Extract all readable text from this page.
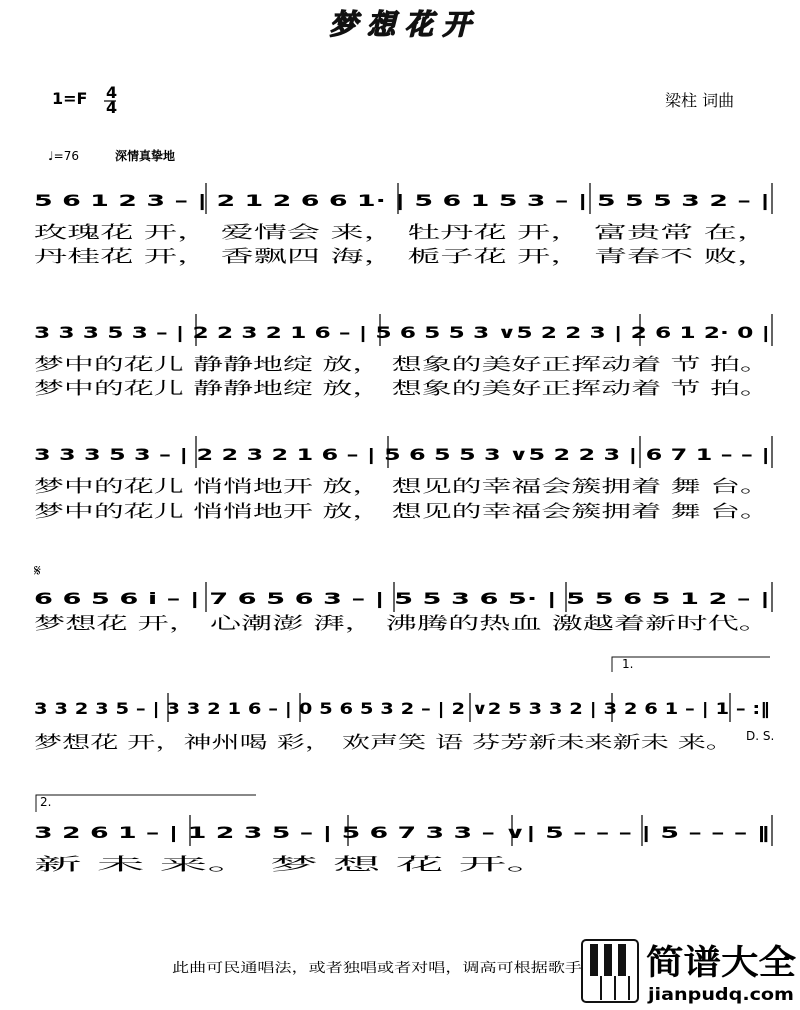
梦 想 花 开
1=F 4
4	梁柱 词曲
♩=76	深情真挚地
5 6 1 2 3 – | 2 1 2 6 6 1· | 5 6 1 5 3 – | 5 5 5 3 2 – |
玫瑰花 开， 爱情会 来， 牡丹花 开， 富贵常 在，
丹桂花 开， 香飘四 海， 栀子花 开， 青春不 败，
3 3 3 5 3 – | 2 2 3 2 1 6 – | 5 6 5 5 3 ∨5 2 2 3 | 2 6 1 2· 0 |
梦中的花儿 静静地绽 放， 想象的美好正挥动着 节 拍。
梦中的花儿 静静地绽 放， 想象的美好正挥动着 节 拍。
3 3 3 5 3 – | 2 2 3 2 1 6 – | 5 6 5 5 3 ∨5 2 2 3 | 6 7 1 – – |
梦中的花儿 悄悄地开 放， 想见的幸福会簇拥着 舞 台。
梦中的花儿 悄悄地开 放， 想见的幸福会簇拥着 舞 台。
𝄋
6 6 5 6 i – | 7 6 5 6 3 – | 5 5 3 6 5· | 5 5 6 5 1 2 – |
梦想花 开， 心潮澎 湃， 沸腾的热血 激越着新时代。
1.
3 3 2 3 5 – | 3 3 2 1 6 – | 0 5 6 5 3 2 – | 2 ∨2 5 3 3 2 | 3 2 6 1 – | 1 – :‖
D. S.
梦想花 开，神州喝 彩， 欢声笑 语 芬芳新未来新未 来。
2.
3 2 6 1 – | 1 2 3 5 – | 5 6 7 3 3 – ∨| 5 – – – | 5 – – – ‖
新 未 来。 梦 想 花 开。
此曲可民通唱法，或者独唱或者对唱，调高可根据歌手	简谱大全
jianpudq.com
